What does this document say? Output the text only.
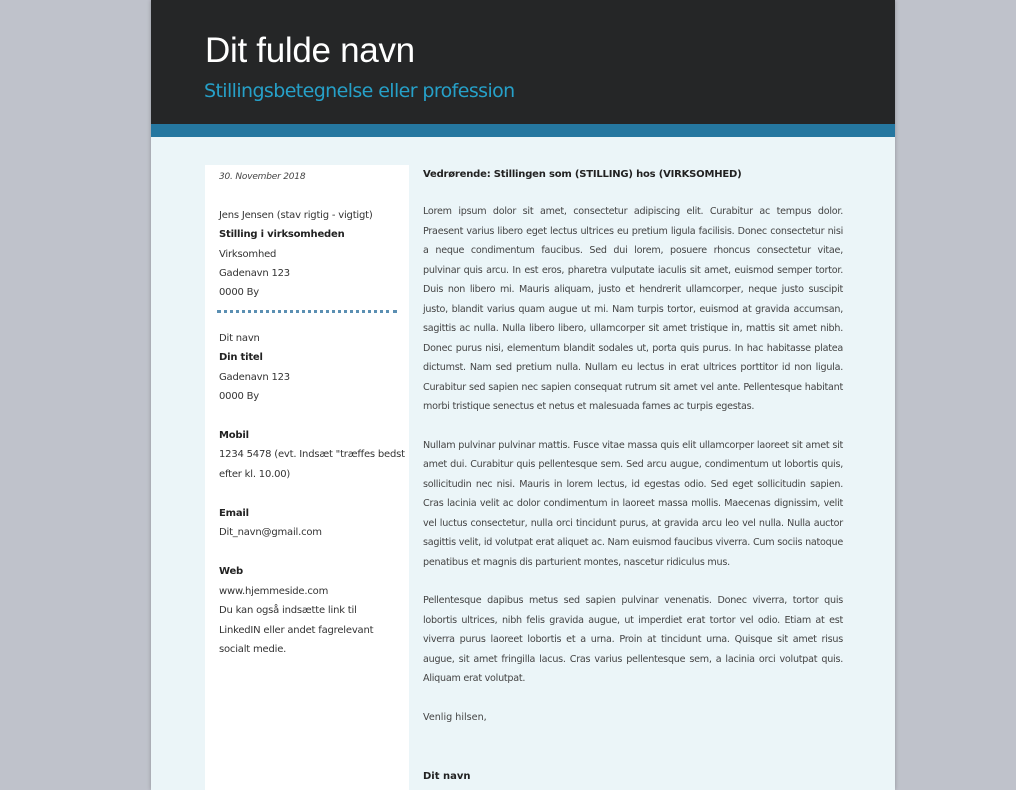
Dit fulde navn
Stillingsbetegnelse eller profession
30. November 2018
Jens Jensen (stav rigtig - vigtigt)
Stilling i virksomheden
Virksomhed
Gadenavn 123
0000 By
Dit navn
Din titel
Gadenavn 123
0000 By
Mobil
1234 5478 (evt. Indsæt "træffes bedst
efter kl. 10.00)
Email
Dit_navn@gmail.com
Web
www.hjemmeside.com
Du kan også indsætte link til
LinkedIN eller andet fagrelevant
socialt medie.

Vedrørende: Stillingen som (STILLING) hos (VIRKSOMHED)

Lorem ipsum dolor sit amet, consectetur adipiscing elit. Curabitur ac tempus dolor. Praesent varius libero eget lectus ultrices eu pretium ligula facilisis. Donec consectetur nisi a neque condimentum faucibus. Sed dui lorem, posuere rhoncus consectetur vitae, pulvinar quis arcu. In est eros, pharetra vulputate iaculis sit amet, euismod semper tortor. Duis non libero mi. Mauris aliquam, justo et hendrerit ullamcorper, neque justo suscipit justo, blandit varius quam augue ut mi. Nam turpis tortor, euismod at gravida accumsan, sagittis ac nulla. Nulla libero libero, ullamcorper sit amet tristique in, mattis sit amet nibh. Donec purus nisi, elementum blandit sodales ut, porta quis purus. In hac habitasse platea dictumst. Nam sed pretium nulla. Nullam eu lectus in erat ultrices porttitor id non ligula. Curabitur sed sapien nec sapien consequat rutrum sit amet vel ante. Pellentesque habitant morbi tristique senectus et netus et malesuada fames ac turpis egestas.

Nullam pulvinar pulvinar mattis. Fusce vitae massa quis elit ullamcorper laoreet sit amet sit amet dui. Curabitur quis pellentesque sem. Sed arcu augue, condimentum ut lobortis quis, sollicitudin nec nisi. Mauris in lorem lectus, id egestas odio. Sed eget sollicitudin sapien. Cras lacinia velit ac dolor condimentum in laoreet massa mollis. Maecenas dignissim, velit vel luctus consectetur, nulla orci tincidunt purus, at gravida arcu leo vel nulla. Nulla auctor sagittis velit, id volutpat erat aliquet ac. Nam euismod faucibus viverra. Cum sociis natoque penatibus et magnis dis parturient montes, nascetur ridiculus mus.

Pellentesque dapibus metus sed sapien pulvinar venenatis. Donec viverra, tortor quis lobortis ultrices, nibh felis gravida augue, ut imperdiet erat tortor vel odio. Etiam at est viverra purus laoreet lobortis et a urna. Proin at tincidunt urna. Quisque sit amet risus augue, sit amet fringilla lacus. Cras varius pellentesque sem, a lacinia orci volutpat quis. Aliquam erat volutpat.

Venlig hilsen,

Dit navn
